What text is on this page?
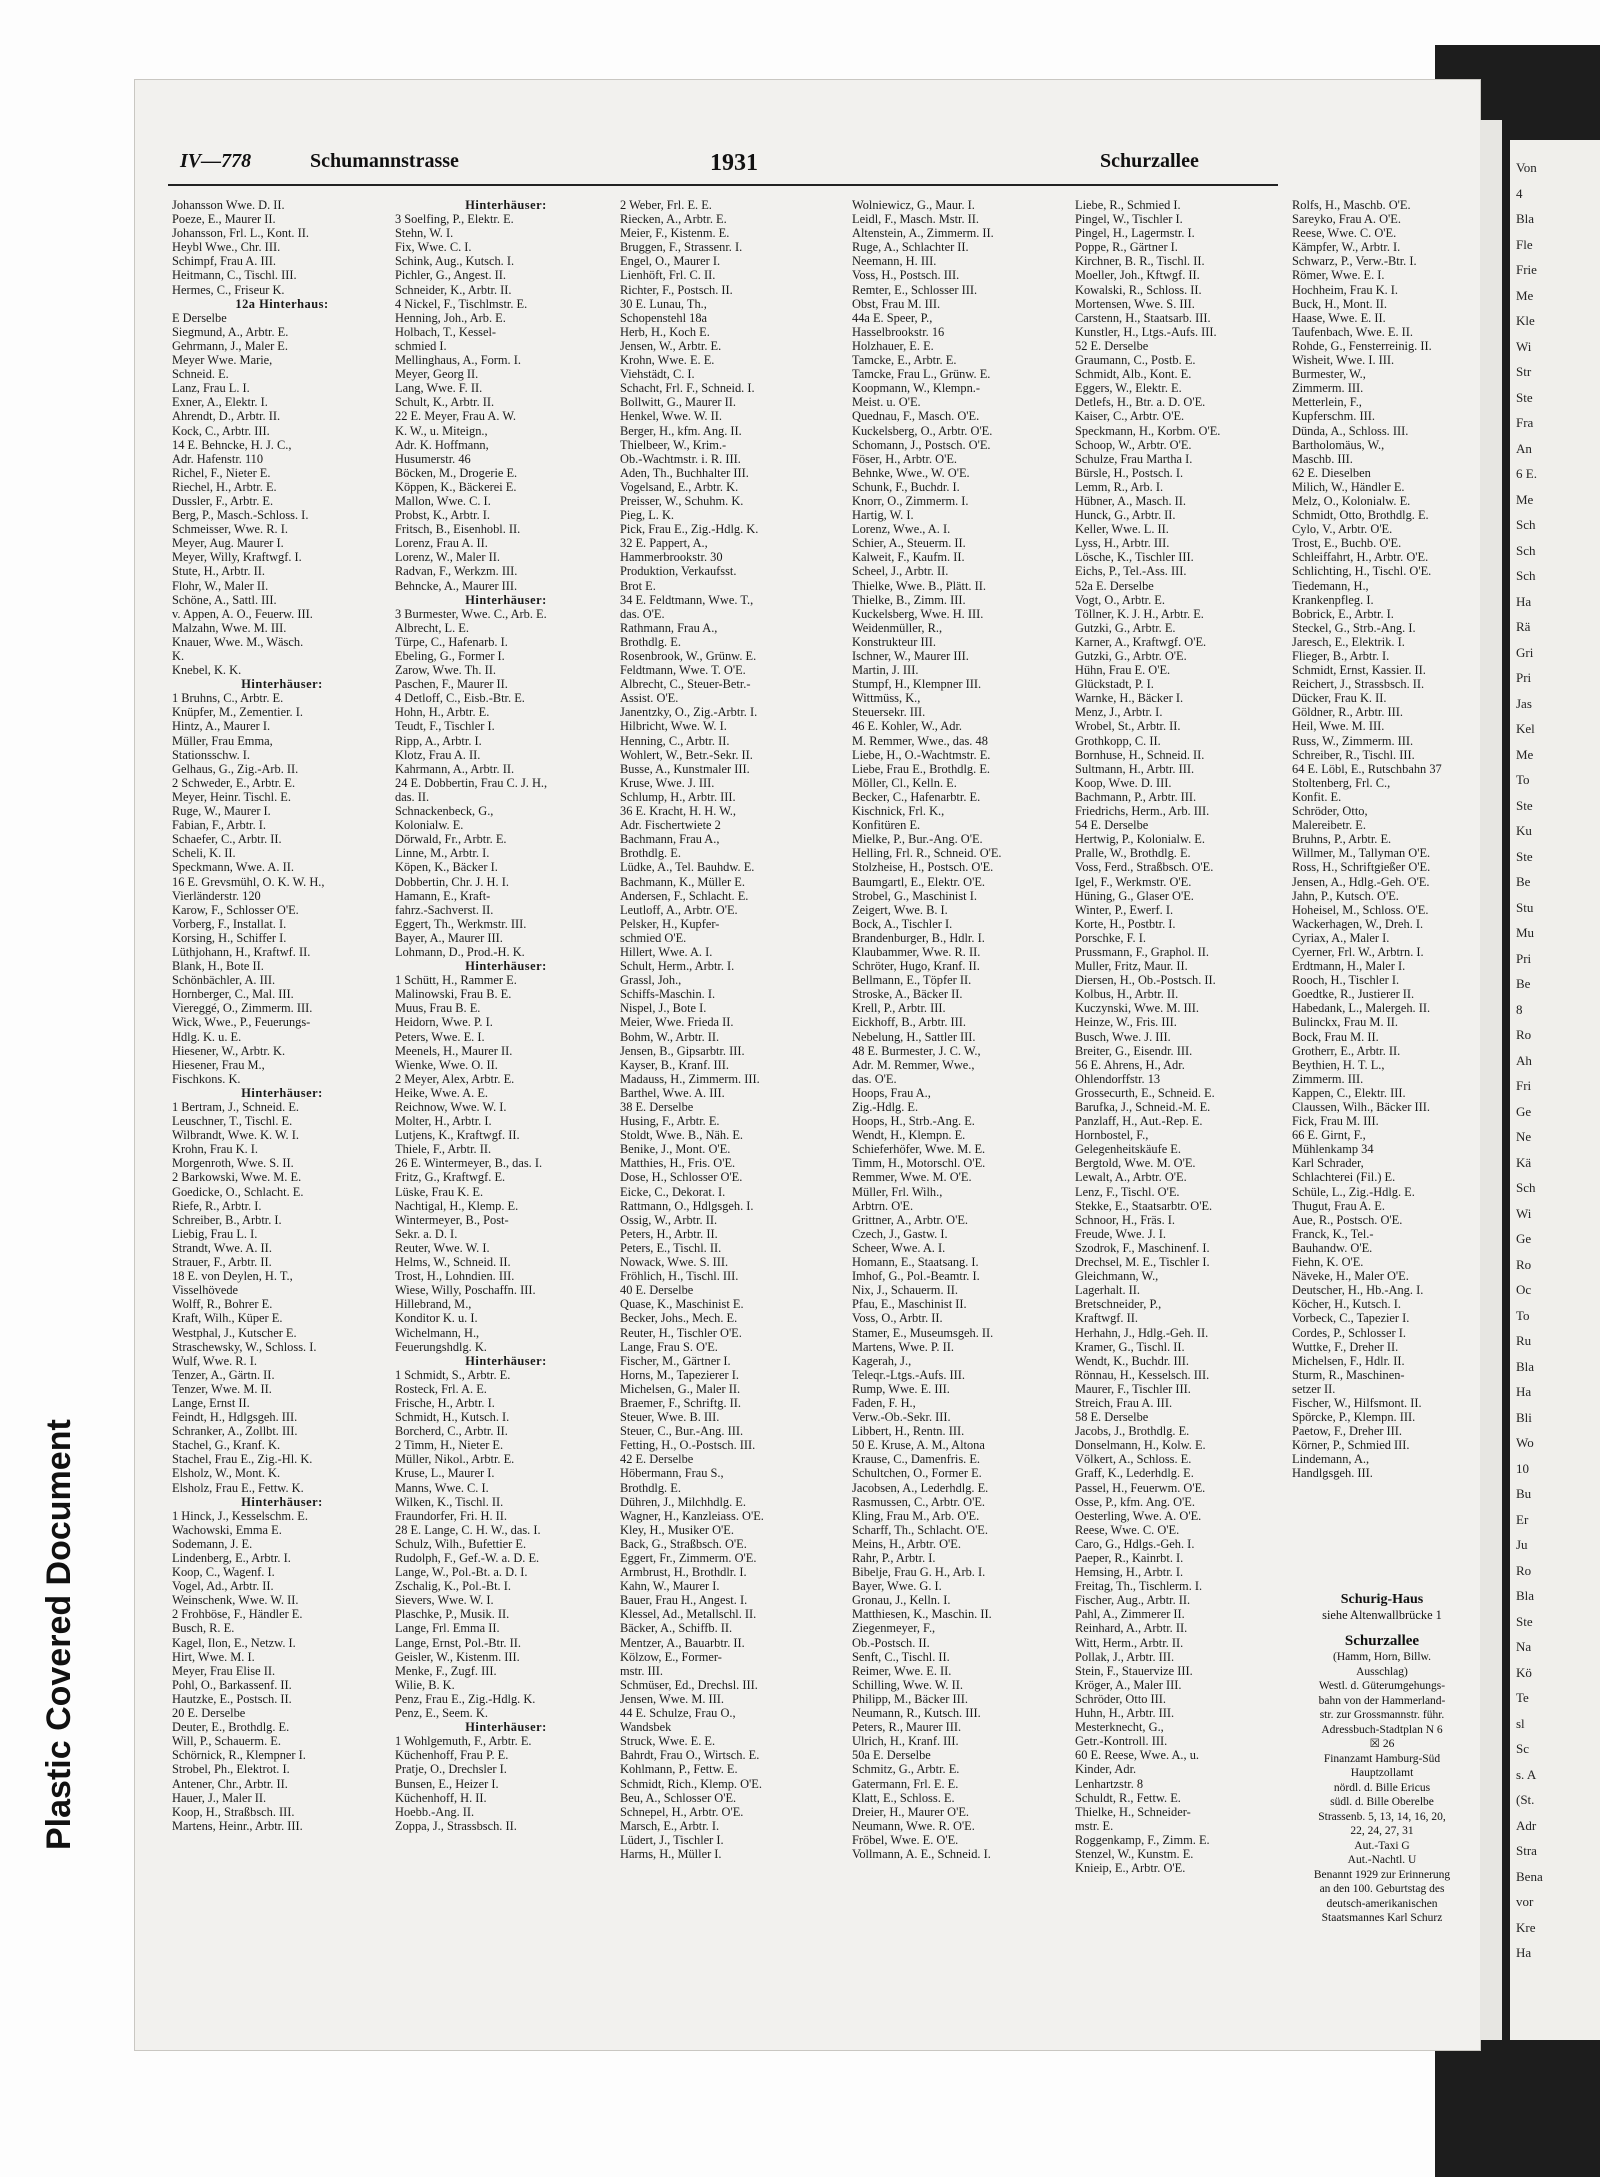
Von
4
Bla
Fle
Frie
Me
Kle
Wi
Str
Ste
Fra
An
6 E.
Me
Sch
Sch
Sch
Ha
Rä
Gri
Pri
Jas
Kel
Me
To
Ste
Ku
Ste
Be
Stu
Mu
Pri
Be
8
Ro
Ah
Fri
Ge
Ne
Kä
Sch
Wi
Ge
Ro
Oc
To
Ru
Bla
Ha
Bli
Wo
10
Bu
Er
Ju
Ro
Bla
Ste
Na
Kö
Te
sl
Sc
s. A
(St.
Adr
Stra
Bena
vor
Kre
Ha
IV—778	Schumannstrasse	1931	Schurzallee
Johansson Wwe. D. II.
Poeze, E., Maurer II.
Johansson, Frl. L., Kont. II.
Heybl Wwe., Chr. III.
Schimpf, Frau A. III.
Heitmann, C., Tischl. III.
Hermes, C., Friseur K.
12a Hinterhaus:
E Derselbe
Siegmund, A., Arbtr. E.
Gehrmann, J., Maler E.
Meyer Wwe. Marie,
Schneid. E.
Lanz, Frau L. I.
Exner, A., Elektr. I.
Ahrendt, D., Arbtr. II.
Kock, C., Arbtr. III.
14 E. Behncke, H. J. C.,
Adr. Hafenstr. 110
Richel, F., Nieter E.
Riechel, H., Arbtr. E.
Dussler, F., Arbtr. E.
Berg, P., Masch.-Schloss. I.
Schmeisser, Wwe. R. I.
Meyer, Aug. Maurer I.
Meyer, Willy, Kraftwgf. I.
Stute, H., Arbtr. II.
Flohr, W., Maler II.
Schöne, A., Sattl. III.
v. Appen, A. O., Feuerw. III.
Malzahn, Wwe. M. III.
Knauer, Wwe. M., Wäsch.
K.
Knebel, K. K.
Hinterhäuser:
1 Bruhns, C., Arbtr. E.
Knüpfer, M., Zementier. I.
Hintz, A., Maurer I.
Müller, Frau Emma,
Stationsschw. I.
Gelhaus, G., Zig.-Arb. II.
2 Schweder, E., Arbtr. E.
Meyer, Heinr. Tischl. E.
Ruge, W., Maurer I.
Fabian, F., Arbtr. I.
Schaefer, C., Arbtr. II.
Scheli, K. II.
Speckmann, Wwe. A. II.
16 E. Grevsmühl, O. K. W. H.,
Vierländerstr. 120
Karow, F., Schlosser O'E.
Vorberg, F., Installat. I.
Korsing, H., Schiffer I.
Lüthjohann, H., Kraftwf. II.
Blank, H., Bote II.
Schönbächler, A. III.
Hornberger, C., Mal. III.
Viereggé, O., Zimmerm. III.
Wick, Wwe., P., Feuerungs-
Hdlg. K. u. E.
Hiesener, W., Arbtr. K.
Hiesener, Frau M.,
Fischkons. K.
Hinterhäuser:
1 Bertram, J., Schneid. E.
Leuschner, T., Tischl. E.
Wilbrandt, Wwe. K. W. I.
Krohn, Frau K. I.
Morgenroth, Wwe. S. II.
2 Barkowski, Wwe. M. E.
Goedicke, O., Schlacht. E.
Riefe, R., Arbtr. I.
Schreiber, B., Arbtr. I.
Liebig, Frau L. I.
Strandt, Wwe. A. II.
Strauer, F., Arbtr. II.
18 E. von Deylen, H. T.,
Visselhövede
Wolff, R., Bohrer E.
Kraft, Wilh., Küper E.
Westphal, J., Kutscher E.
Straschewsky, W., Schloss. I.
Wulf, Wwe. R. I.
Tenzer, A., Gärtn. II.
Tenzer, Wwe. M. II.
Lange, Ernst II.
Feindt, H., Hdlgsgeh. III.
Schranker, A., Zollbt. III.
Stachel, G., Kranf. K.
Stachel, Frau E., Zig.-Hl. K.
Elsholz, W., Mont. K.
Elsholz, Frau E., Fettw. K.
Hinterhäuser:
1 Hinck, J., Kesselschm. E.
Wachowski, Emma E.
Sodemann, J. E.
Lindenberg, E., Arbtr. I.
Koop, C., Wagenf. I.
Vogel, Ad., Arbtr. II.
Weinschenk, Wwe. W. II.
2 Frohböse, F., Händler E.
Busch, R. E.
Kagel, Ilon, E., Netzw. I.
Hirt, Wwe. M. I.
Meyer, Frau Elise II.
Pohl, O., Barkassenf. II.
Hautzke, E., Postsch. II.
20 E. Derselbe
Deuter, E., Brothdlg. E.
Will, P., Schauerm. E.
Schörnick, R., Klempner I.
Strobel, Ph., Elektrot. I.
Antener, Chr., Arbtr. II.
Hauer, J., Maler II.
Koop, H., Straßbsch. III.
Martens, Heinr., Arbtr. III.
Hinterhäuser:
3 Soelfing, P., Elektr. E.
Stehn, W. I.
Fix, Wwe. C. I.
Schink, Aug., Kutsch. I.
Pichler, G., Angest. II.
Schneider, K., Arbtr. II.
4 Nickel, F., Tischlmstr. E.
Henning, Joh., Arb. E.
Holbach, T., Kessel-
schmied I.
Mellinghaus, A., Form. I.
Meyer, Georg II.
Lang, Wwe. F. II.
Schult, K., Arbtr. II.
22 E. Meyer, Frau A. W.
K. W., u. Miteign.,
Adr. K. Hoffmann,
Husumerstr. 46
Böcken, M., Drogerie E.
Köppen, K., Bäckerei E.
Mallon, Wwe. C. I.
Probst, K., Arbtr. I.
Fritsch, B., Eisenhobl. II.
Lorenz, Frau A. II.
Lorenz, W., Maler II.
Radvan, F., Werkzm. III.
Behncke, A., Maurer III.
Hinterhäuser:
3 Burmester, Wwe. C., Arb. E.
Albrecht, L. E.
Türpe, C., Hafenarb. I.
Ebeling, G., Former I.
Zarow, Wwe. Th. II.
Paschen, F., Maurer II.
4 Detloff, C., Eisb.-Btr. E.
Hohn, H., Arbtr. E.
Teudt, F., Tischler I.
Ripp, A., Arbtr. I.
Klotz, Frau A. II.
Kahrmann, A., Arbtr. II.
24 E. Dobbertin, Frau C. J. H.,
das. II.
Schnackenbeck, G.,
Kolonialw. E.
Dörwald, Fr., Arbtr. E.
Linne, M., Arbtr. I.
Köpen, K., Bäcker I.
Dobbertin, Chr. J. H. I.
Hamann, E., Kraft-
fahrz.-Sachverst. II.
Eggert, Th., Werkmstr. III.
Bayer, A., Maurer III.
Lohmann, D., Prod.-H. K.
Hinterhäuser:
1 Schütt, H., Rammer E.
Malinowski, Frau B. E.
Muus, Frau B. E.
Heidorn, Wwe. P. I.
Peters, Wwe. E. I.
Meenels, H., Maurer II.
Wienke, Wwe. O. II.
2 Meyer, Alex, Arbtr. E.
Heike, Wwe. A. E.
Reichnow, Wwe. W. I.
Molter, H., Arbtr. I.
Lutjens, K., Kraftwgf. II.
Thiele, F., Arbtr. II.
26 E. Wintermeyer, B., das. I.
Fritz, G., Kraftwgf. E.
Lüske, Frau K. E.
Nachtigal, H., Klemp. E.
Wintermeyer, B., Post-
Sekr. a. D. I.
Reuter, Wwe. W. I.
Helms, W., Schneid. II.
Trost, H., Lohndien. III.
Wiese, Willy, Poschaffn. III.
Hillebrand, M.,
Konditor K. u. I.
Wichelmann, H.,
Feuerungshdlg. K.
Hinterhäuser:
1 Schmidt, S., Arbtr. E.
Rosteck, Frl. A. E.
Frische, H., Arbtr. I.
Schmidt, H., Kutsch. I.
Borcherd, C., Arbtr. II.
2 Timm, H., Nieter E.
Müller, Nikol., Arbtr. E.
Kruse, L., Maurer I.
Manns, Wwe. C. I.
Wilken, K., Tischl. II.
Fraundorfer, Fri. H. II.
28 E. Lange, C. H. W., das. I.
Schulz, Wilh., Bufettier E.
Rudolph, F., Gef.-W. a. D. E.
Lange, W., Pol.-Bt. a. D. I.
Zschalig, K., Pol.-Bt. I.
Sievers, Wwe. W. I.
Plaschke, P., Musik. II.
Lange, Frl. Emma II.
Lange, Ernst, Pol.-Btr. II.
Geisler, W., Kistenm. III.
Menke, F., Zugf. III.
Wilie, B. K.
Penz, Frau E., Zig.-Hdlg. K.
Penz, E., Seem. K.
Hinterhäuser:
1 Wohlgemuth, F., Arbtr. E.
Küchenhoff, Frau P. E.
Pratje, O., Drechsler I.
Bunsen, E., Heizer I.
Küchenhoff, H. II.
Hoebb.-Ang. II.
Zoppa, J., Strassbsch. II.
2 Weber, Frl. E. E.
Riecken, A., Arbtr. E.
Meier, F., Kistenm. E.
Bruggen, F., Strassenr. I.
Engel, O., Maurer I.
Lienhöft, Frl. C. II.
Richter, F., Postsch. II.
30 E. Lunau, Th.,
Schopenstehl 18a
Herb, H., Koch E.
Jensen, W., Arbtr. E.
Krohn, Wwe. E. E.
Viehstädt, C. I.
Schacht, Frl. F., Schneid. I.
Bollwitt, G., Maurer II.
Henkel, Wwe. W. II.
Berger, H., kfm. Ang. II.
Thielbeer, W., Krim.-
Ob.-Wachtmstr. i. R. III.
Aden, Th., Buchhalter III.
Vogelsand, E., Arbtr. K.
Preisser, W., Schuhm. K.
Pieg, L. K.
Pick, Frau E., Zig.-Hdlg. K.
32 E. Pappert, A.,
Hammerbrookstr. 30
Produktion, Verkaufsst.
Brot E.
34 E. Feldtmann, Wwe. T.,
das. O'E.
Rathmann, Frau A.,
Brothdlg. E.
Rosenbrook, W., Grünw. E.
Feldtmann, Wwe. T. O'E.
Albrecht, C., Steuer-Betr.-
Assist. O'E.
Janentzky, O., Zig.-Arbtr. I.
Hilbricht, Wwe. W. I.
Henning, C., Arbtr. II.
Wohlert, W., Betr.-Sekr. II.
Busse, A., Kunstmaler III.
Kruse, Wwe. J. III.
Schlump, H., Arbtr. III.
36 E. Kracht, H. H. W.,
Adr. Fischertwiete 2
Bachmann, Frau A.,
Brothdlg. E.
Lüdke, A., Tel. Bauhdw. E.
Bachmann, K., Müller E.
Andersen, F., Schlacht. E.
Leutloff, A., Arbtr. O'E.
Pelsker, H., Kupfer-
schmied O'E.
Hillert, Wwe. A. I.
Schult, Herm., Arbtr. I.
Grassl, Joh.,
Schiffs-Maschin. I.
Nispel, J., Bote I.
Meier, Wwe. Frieda II.
Bohm, W., Arbtr. II.
Jensen, B., Gipsarbtr. III.
Kayser, B., Kranf. III.
Madauss, H., Zimmerm. III.
Barthel, Wwe. A. III.
38 E. Derselbe
Husing, F., Arbtr. E.
Stoldt, Wwe. B., Näh. E.
Benike, J., Mont. O'E.
Matthies, H., Fris. O'E.
Dose, H., Schlosser O'E.
Eicke, C., Dekorat. I.
Rattmann, O., Hdlgsgeh. I.
Ossig, W., Arbtr. II.
Peters, H., Arbtr. II.
Peters, E., Tischl. II.
Nowack, Wwe. S. III.
Fröhlich, H., Tischl. III.
40 E. Derselbe
Quase, K., Maschinist E.
Becker, Johs., Mech. E.
Reuter, H., Tischler O'E.
Lange, Frau S. O'E.
Fischer, M., Gärtner I.
Horns, M., Tapezierer I.
Michelsen, G., Maler II.
Braemer, F., Schriftg. II.
Steuer, Wwe. B. III.
Steuer, C., Bur.-Ang. III.
Fetting, H., O.-Postsch. III.
42 E. Derselbe
Höbermann, Frau S.,
Brothdlg. E.
Dühren, J., Milchhdlg. E.
Wagner, H., Kanzleiass. O'E.
Kley, H., Musiker O'E.
Back, G., Straßbsch. O'E.
Eggert, Fr., Zimmerm. O'E.
Armbrust, H., Brothdlr. I.
Kahn, W., Maurer I.
Bauer, Frau H., Angest. I.
Klessel, Ad., Metallschl. II.
Bäcker, A., Schiffb. II.
Mentzer, A., Bauarbtr. II.
Kölzow, E., Former-
mstr. III.
Schmüser, Ed., Drechsl. III.
Jensen, Wwe. M. III.
44 E. Schulze, Frau O.,
Wandsbek
Struck, Wwe. E. E.
Bahrdt, Frau O., Wirtsch. E.
Kohlmann, P., Fettw. E.
Schmidt, Rich., Klemp. O'E.
Beu, A., Schlosser O'E.
Schnepel, H., Arbtr. O'E.
Marsch, E., Arbtr. I.
Lüdert, J., Tischler I.
Harms, H., Müller I.
Wolniewicz, G., Maur. I.
Leidl, F., Masch. Mstr. II.
Altenstein, A., Zimmerm. II.
Ruge, A., Schlachter II.
Neemann, H. III.
Voss, H., Postsch. III.
Remter, E., Schlosser III.
Obst, Frau M. III.
44a E. Speer, P.,
Hasselbrookstr. 16
Holzhauer, E. E.
Tamcke, E., Arbtr. E.
Tamcke, Frau L., Grünw. E.
Koopmann, W., Klempn.-
Meist. u. O'E.
Quednau, F., Masch. O'E.
Kuckelsberg, O., Arbtr. O'E.
Schomann, J., Postsch. O'E.
Föser, H., Arbtr. O'E.
Behnke, Wwe., W. O'E.
Schunk, F., Buchdr. I.
Knorr, O., Zimmerm. I.
Hartig, W. I.
Lorenz, Wwe., A. I.
Schier, A., Steuerm. II.
Kalweit, F., Kaufm. II.
Scheel, J., Arbtr. II.
Thielke, Wwe. B., Plätt. II.
Thielke, B., Zimm. III.
Kuckelsberg, Wwe. H. III.
Weidenmüller, R.,
Konstrukteur III.
Ischner, W., Maurer III.
Martin, J. III.
Stumpf, H., Klempner III.
Wittmüss, K.,
Steuersekr. III.
46 E. Kohler, W., Adr.
M. Remmer, Wwe., das. 48
Liebe, H., O.-Wachtmstr. E.
Liebe, Frau E., Brothdlg. E.
Möller, Cl., Kelln. E.
Becker, C., Hafenarbtr. E.
Kischnick, Frl. K.,
Konfitüren E.
Mielke, P., Bur.-Ang. O'E.
Helling, Frl. R., Schneid. O'E.
Stolzheise, H., Postsch. O'E.
Baumgartl, E., Elektr. O'E.
Strobel, G., Maschinist I.
Zeigert, Wwe. B. I.
Bock, A., Tischler I.
Brandenburger, B., Hdlr. I.
Klaubammer, Wwe. R. II.
Schröter, Hugo, Kranf. II.
Bellmann, E., Töpfer II.
Stroske, A., Bäcker II.
Krell, P., Arbtr. III.
Eickhoff, B., Arbtr. III.
Nebelung, H., Sattler III.
48 E. Burmester, J. C. W.,
Adr. M. Remmer, Wwe.,
das. O'E.
Hoops, Frau A.,
Zig.-Hdlg. E.
Hoops, H., Strb.-Ang. E.
Wendt, H., Klempn. E.
Schieferhöfer, Wwe. M. E.
Timm, H., Motorschl. O'E.
Remmer, Wwe. M. O'E.
Müller, Frl. Wilh.,
Arbtrn. O'E.
Grittner, A., Arbtr. O'E.
Czech, J., Gastw. I.
Scheer, Wwe. A. I.
Homann, E., Staatsang. I.
Imhof, G., Pol.-Beamtr. I.
Nix, J., Schauerm. II.
Pfau, E., Maschinist II.
Voss, O., Arbtr. II.
Stamer, E., Museumsgeh. II.
Martens, Wwe. P. II.
Kagerah, J.,
Teleqr.-Ltgs.-Aufs. III.
Rump, Wwe. E. III.
Faden, F. H.,
Verw.-Ob.-Sekr. III.
Libbert, H., Rentn. III.
50 E. Kruse, A. M., Altona
Krause, C., Damenfris. E.
Schultchen, O., Former E.
Jacobsen, A., Lederhdlg. E.
Rasmussen, C., Arbtr. O'E.
Kling, Frau M., Arb. O'E.
Scharff, Th., Schlacht. O'E.
Meins, H., Arbtr. O'E.
Rahr, P., Arbtr. I.
Bibelje, Frau G. H., Arb. I.
Bayer, Wwe. G. I.
Gronau, J., Kelln. I.
Matthiesen, K., Maschin. II.
Ziegenmeyer, F.,
Ob.-Postsch. II.
Senft, C., Tischl. II.
Reimer, Wwe. E. II.
Schilling, Wwe. W. II.
Philipp, M., Bäcker III.
Neumann, R., Kutsch. III.
Peters, R., Maurer III.
Ulrich, H., Kranf. III.
50a E. Derselbe
Schmitz, G., Arbtr. E.
Gatermann, Frl. E. E.
Klatt, E., Schloss. E.
Dreier, H., Maurer O'E.
Neumann, Wwe. R. O'E.
Fröbel, Wwe. E. O'E.
Vollmann, A. E., Schneid. I.
Liebe, R., Schmied I.
Pingel, W., Tischler I.
Pingel, H., Lagermstr. I.
Poppe, R., Gärtner I.
Kirchner, B. R., Tischl. II.
Moeller, Joh., Kftwgf. II.
Kowalski, R., Schloss. II.
Mortensen, Wwe. S. III.
Carstenn, H., Staatsarb. III.
Kunstler, H., Ltgs.-Aufs. III.
52 E. Derselbe
Graumann, C., Postb. E.
Schmidt, Alb., Kont. E.
Eggers, W., Elektr. E.
Detlefs, H., Btr. a. D. O'E.
Kaiser, C., Arbtr. O'E.
Speckmann, H., Korbm. O'E.
Schoop, W., Arbtr. O'E.
Schulze, Frau Martha I.
Bürsle, H., Postsch. I.
Lemm, R., Arb. I.
Hübner, A., Masch. II.
Hunck, G., Arbtr. II.
Keller, Wwe. L. II.
Lyss, H., Arbtr. III.
Lösche, K., Tischler III.
Eichs, P., Tel.-Ass. III.
52a E. Derselbe
Vogt, O., Arbtr. E.
Töllner, K. J. H., Arbtr. E.
Gutzki, G., Arbtr. E.
Karner, A., Kraftwgf. O'E.
Gutzki, G., Arbtr. O'E.
Hühn, Frau E. O'E.
Glückstadt, P. I.
Warnke, H., Bäcker I.
Menz, J., Arbtr. I.
Wrobel, St., Arbtr. II.
Grothkopp, C. II.
Bornhuse, H., Schneid. II.
Sultmann, H., Arbtr. III.
Koop, Wwe. D. III.
Bachmann, P., Arbtr. III.
Friedrichs, Herm., Arb. III.
54 E. Derselbe
Hertwig, P., Kolonialw. E.
Pralle, W., Brothdlg. E.
Voss, Ferd., Straßbsch. O'E.
Igel, F., Werkmstr. O'E.
Hüning, G., Glaser O'E.
Winter, P., Ewerf. I.
Korte, H., Postbtr. I.
Porschke, F. I.
Prussmann, F., Graphol. II.
Muller, Fritz, Maur. II.
Diersen, H., Ob.-Postsch. II.
Kolbus, H., Arbtr. II.
Kuczynski, Wwe. M. III.
Heinze, W., Fris. III.
Busch, Wwe. J. III.
Breiter, G., Eisendr. III.
56 E. Ahrens, H., Adr.
Ohlendorffstr. 13
Grossecurth, E., Schneid. E.
Barufka, J., Schneid.-M. E.
Panzlaff, H., Aut.-Rep. E.
Hornbostel, F.,
Gelegenheitskäufe E.
Bergtold, Wwe. M. O'E.
Lewalt, A., Arbtr. O'E.
Lenz, F., Tischl. O'E.
Stekke, E., Staatsarbtr. O'E.
Schnoor, H., Fräs. I.
Freude, Wwe. J. I.
Szodrok, F., Maschinenf. I.
Drechsel, M. E., Tischler I.
Gleichmann, W.,
Lagerhalt. II.
Bretschneider, P.,
Kraftwgf. II.
Herhahn, J., Hdlg.-Geh. II.
Kramer, G., Tischl. II.
Wendt, K., Buchdr. III.
Rönnau, H., Kesselsch. III.
Maurer, F., Tischler III.
Streich, Frau A. III.
58 E. Derselbe
Jacobs, J., Brothdlg. E.
Donselmann, H., Kolw. E.
Völkert, A., Schloss. E.
Graff, K., Lederhdlg. E.
Passel, H., Feuerwm. O'E.
Osse, P., kfm. Ang. O'E.
Oesterling, Wwe. A. O'E.
Reese, Wwe. C. O'E.
Caro, G., Hdlgs.-Geh. I.
Paeper, R., Kainrbt. I.
Hemsing, H., Arbtr. I.
Freitag, Th., Tischlerm. I.
Fischer, Aug., Arbtr. II.
Pahl, A., Zimmerer II.
Reinhard, A., Arbtr. II.
Witt, Herm., Arbtr. II.
Pollak, J., Arbtr. III.
Stein, F., Stauervize III.
Kröger, A., Maler III.
Schröder, Otto III.
Huhn, H., Arbtr. III.
Mesterknecht, G.,
Getr.-Kontroll. III.
60 E. Reese, Wwe. A., u.
Kinder, Adr.
Lenhartzstr. 8
Schuldt, R., Fettw. E.
Thielke, H., Schneider-
mstr. E.
Roggenkamp, F., Zimm. E.
Stenzel, W., Kunstm. E.
Knieip, E., Arbtr. O'E.
Rolfs, H., Maschb. O'E.
Sareyko, Frau A. O'E.
Reese, Wwe. C. O'E.
Kämpfer, W., Arbtr. I.
Schwarz, P., Verw.-Btr. I.
Römer, Wwe. E. I.
Hochheim, Frau K. I.
Buck, H., Mont. II.
Haase, Wwe. E. II.
Taufenbach, Wwe. E. II.
Rohde, G., Fensterreinig. II.
Wisheit, Wwe. I. III.
Burmester, W.,
Zimmerm. III.
Metterlein, F.,
Kupferschm. III.
Dünda, A., Schloss. III.
Bartholomäus, W.,
Maschb. III.
62 E. Dieselben
Milich, W., Händler E.
Melz, O., Kolonialw. E.
Schmidt, Otto, Brothdlg. E.
Cylo, V., Arbtr. O'E.
Trost, E., Buchb. O'E.
Schleiffahrt, H., Arbtr. O'E.
Schlichting, H., Tischl. O'E.
Tiedemann, H.,
Krankenpfleg. I.
Bobrick, E., Arbtr. I.
Steckel, G., Strb.-Ang. I.
Jaresch, E., Elektrik. I.
Flieger, B., Arbtr. I.
Schmidt, Ernst, Kassier. II.
Reichert, J., Strassbsch. II.
Dücker, Frau K. II.
Göldner, R., Arbtr. III.
Heil, Wwe. M. III.
Russ, W., Zimmerm. III.
Schreiber, R., Tischl. III.
64 E. Löbl, E., Rutschbahn 37
Stoltenberg, Frl. C.,
Konfit. E.
Schröder, Otto,
Malereibetr. E.
Bruhns, P., Arbtr. E.
Willmer, M., Tallyman O'E.
Ross, H., Schriftgießer O'E.
Jensen, A., Hdlg.-Geh. O'E.
Jahn, P., Kutsch. O'E.
Hoheisel, M., Schloss. O'E.
Wackerhagen, W., Dreh. I.
Cyriax, A., Maler I.
Cyerner, Frl. W., Arbtrn. I.
Erdtmann, H., Maler I.
Rooch, H., Tischler I.
Goedtke, R., Justierer II.
Habedank, L., Malergeh. II.
Bulinckx, Frau M. II.
Bock, Frau M. II.
Grotherr, E., Arbtr. II.
Beythien, H. T. L.,
Zimmerm. III.
Kappen, C., Elektr. III.
Claussen, Wilh., Bäcker III.
Fick, Frau M. III.
66 E. Girnt, F.,
Mühlenkamp 34
Karl Schrader,
Schlachterei (Fil.) E.
Schüle, L., Zig.-Hdlg. E.
Thugut, Frau A. E.
Aue, R., Postsch. O'E.
Franck, K., Tel.-
Bauhandw. O'E.
Fiehn, K. O'E.
Näveke, H., Maler O'E.
Deutscher, H., Hb.-Ang. I.
Köcher, H., Kutsch. I.
Vorbeck, C., Tapezier I.
Cordes, P., Schlosser I.
Wuttke, F., Dreher II.
Michelsen, F., Hdlr. II.
Sturm, R., Maschinen-
setzer II.
Fischer, W., Hilfsmont. II.
Spörcke, P., Klempn. III.
Paetow, F., Dreher III.
Körner, P., Schmied III.
Lindemann, A.,
Handlgsgeh. III.
Schurig-Haus
siehe Altenwallbrücke 1
Schurzallee
(Hamm, Horn, Billw.
Ausschlag)
Westl. d. Güterumgehungs-
bahn von der Hammerland-
str. zur Grossmannstr. führ.
Adressbuch-Stadtplan N 6
☒ 26
Finanzamt Hamburg-Süd
Hauptzollamt
nördl. d. Bille Ericus
südl. d. Bille Oberelbe
Strassenb. 5, 13, 14, 16, 20,
22, 24, 27, 31
Aut.-Taxi G
Aut.-Nachtl. U
Benannt 1929 zur Erinnerung
an den 100. Geburtstag des
deutsch-amerikanischen
Staatsmannes Karl Schurz
Plastic Covered Document
